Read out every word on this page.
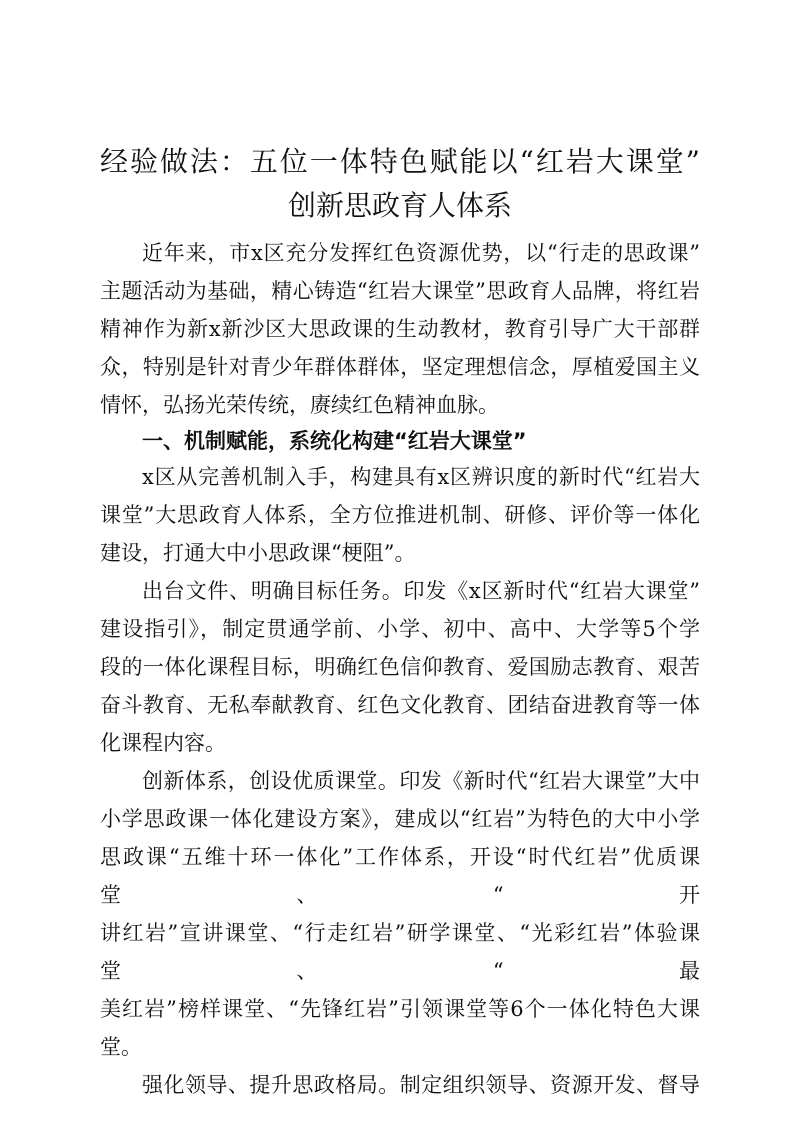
经验做法：五位一体特色赋能以“红岩大课堂”
创新思政育人体系
近年来，市x区充分发挥红色资源优势，以“行走的思政课”
主题活动为基础，精心铸造“红岩大课堂”思政育人品牌，将红岩
精神作为新x新沙区大思政课的生动教材，教育引导广大干部群
众，特别是针对青少年群体群体，坚定理想信念，厚植爱国主义
情怀，弘扬光荣传统，赓续红色精神血脉。
一、机制赋能，系统化构建“红岩大课堂”
x区从完善机制入手，构建具有x区辨识度的新时代“红岩大
课堂”大思政育人体系，全方位推进机制、研修、评价等一体化
建设，打通大中小思政课“梗阻”。
出台文件、明确目标任务。印发《x区新时代“红岩大课堂”
建设指引》，制定贯通学前、小学、初中、高中、大学等5个学
段的一体化课程目标，明确红色信仰教育、爱国励志教育、艰苦
奋斗教育、无私奉献教育、红色文化教育、团结奋进教育等一体
化课程内容。
创新体系，创设优质课堂。印发《新时代“红岩大课堂”大中
小学思政课一体化建设方案》，建成以“红岩”为特色的大中小学
思政课“五维十环一体化”工作体系，开设“时代红岩”优质课堂、“开
讲红岩”宣讲课堂、“行走红岩”研学课堂、“光彩红岩”体验课堂、“最
美红岩”榜样课堂、“先锋红岩”引领课堂等6个一体化特色大课堂。
强化领导、提升思政格局。制定组织领导、资源开发、督导
